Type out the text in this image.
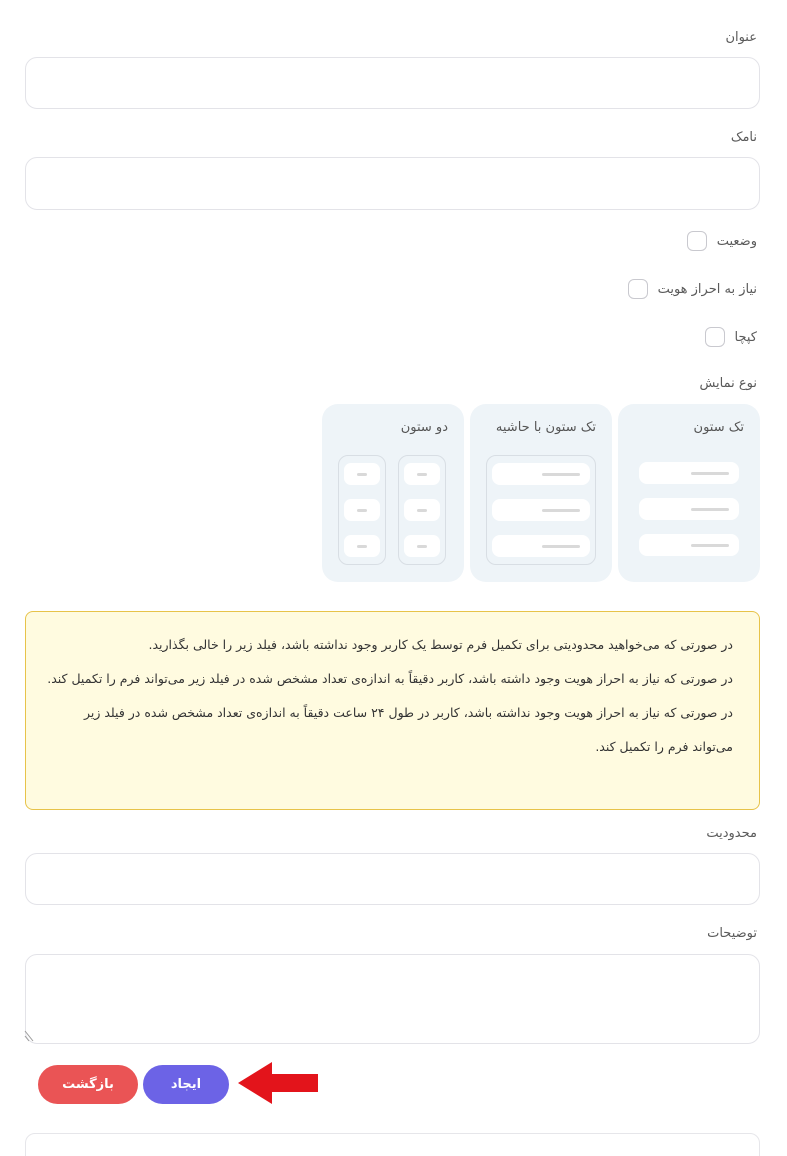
عنوان
نامک
وضعیت
نیاز به احراز هویت
کپچا
نوع نمایش
تک ستون
تک ستون با حاشیه
دو ستون

در صورتی که می‌خواهید محدودیتی برای تکمیل فرم توسط یک کاربر وجود نداشته باشد، فیلد زیر را خالی بگذارید.

در صورتی که نیاز به احراز هویت وجود داشته باشد، کاربر دقیقاً به اندازه‌ی تعداد مشخص شده در فیلد زیر می‌تواند فرم را تکمیل کند.

در صورتی که نیاز به احراز هویت وجود نداشته باشد، کاربر در طول ۲۴ ساعت دقیقاً به اندازه‌ی تعداد مشخص شده در فیلد زیر می‌تواند فرم را تکمیل کند.

محدودیت
توضیحات
ایجاد
بازگشت
